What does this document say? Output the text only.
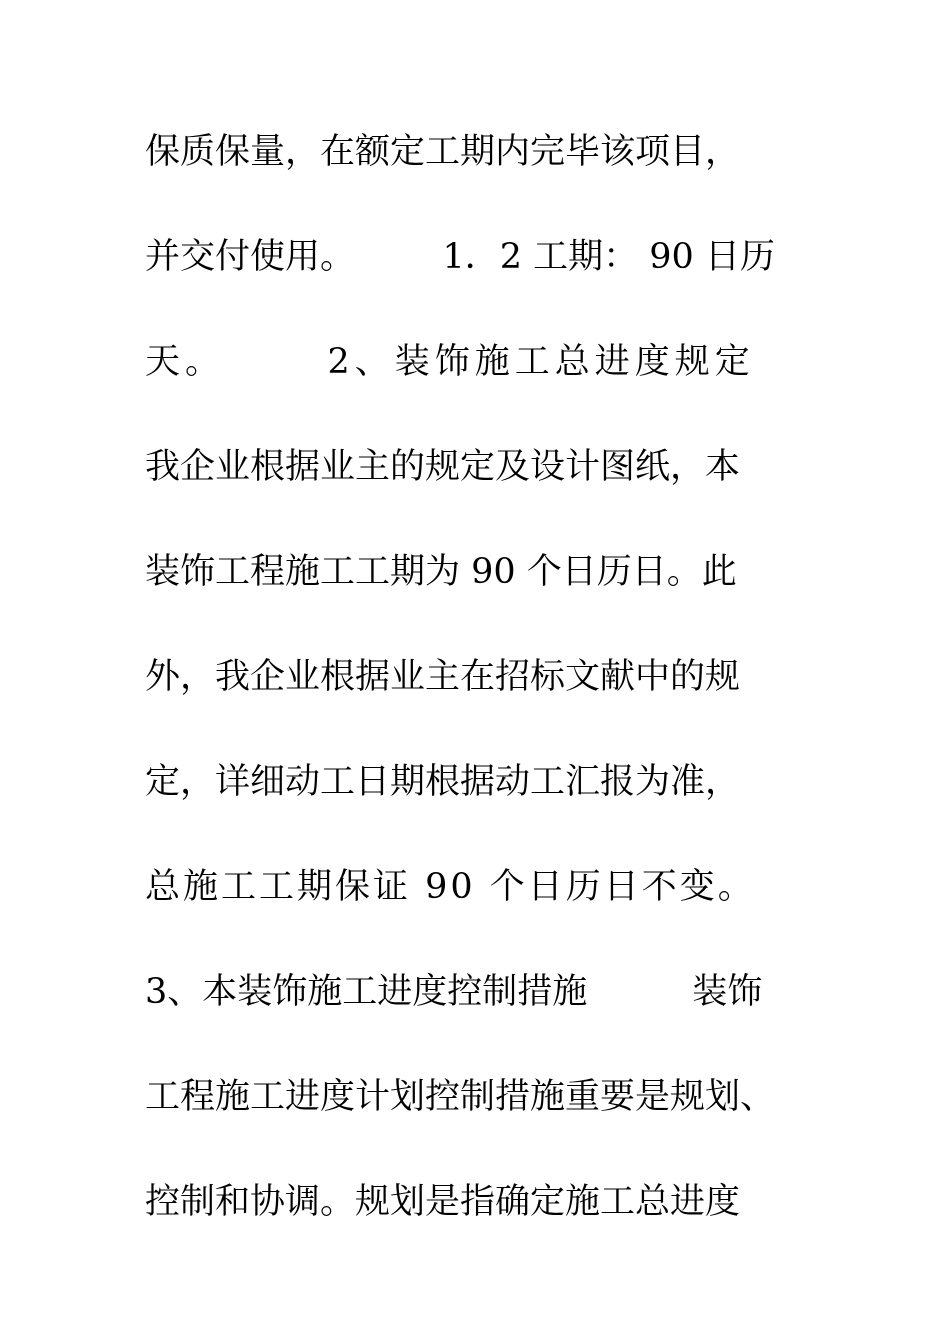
保质保量，在额定工期内完毕该项目，
并交付使用。　　　1．2 工期： 90 日历
天。　　　2、装饰施工总进度规定
我企业根据业主的规定及设计图纸，本
装饰工程施工工期为 90 个日历日。此
外，我企业根据业主在招标文献中的规
定，详细动工日期根据动工汇报为准，
总施工工期保证 90 个日历日不变。
3、本装饰施工进度控制措施　　　装饰
工程施工进度计划控制措施重要是规划、
控制和协调。规划是指确定施工总进度
